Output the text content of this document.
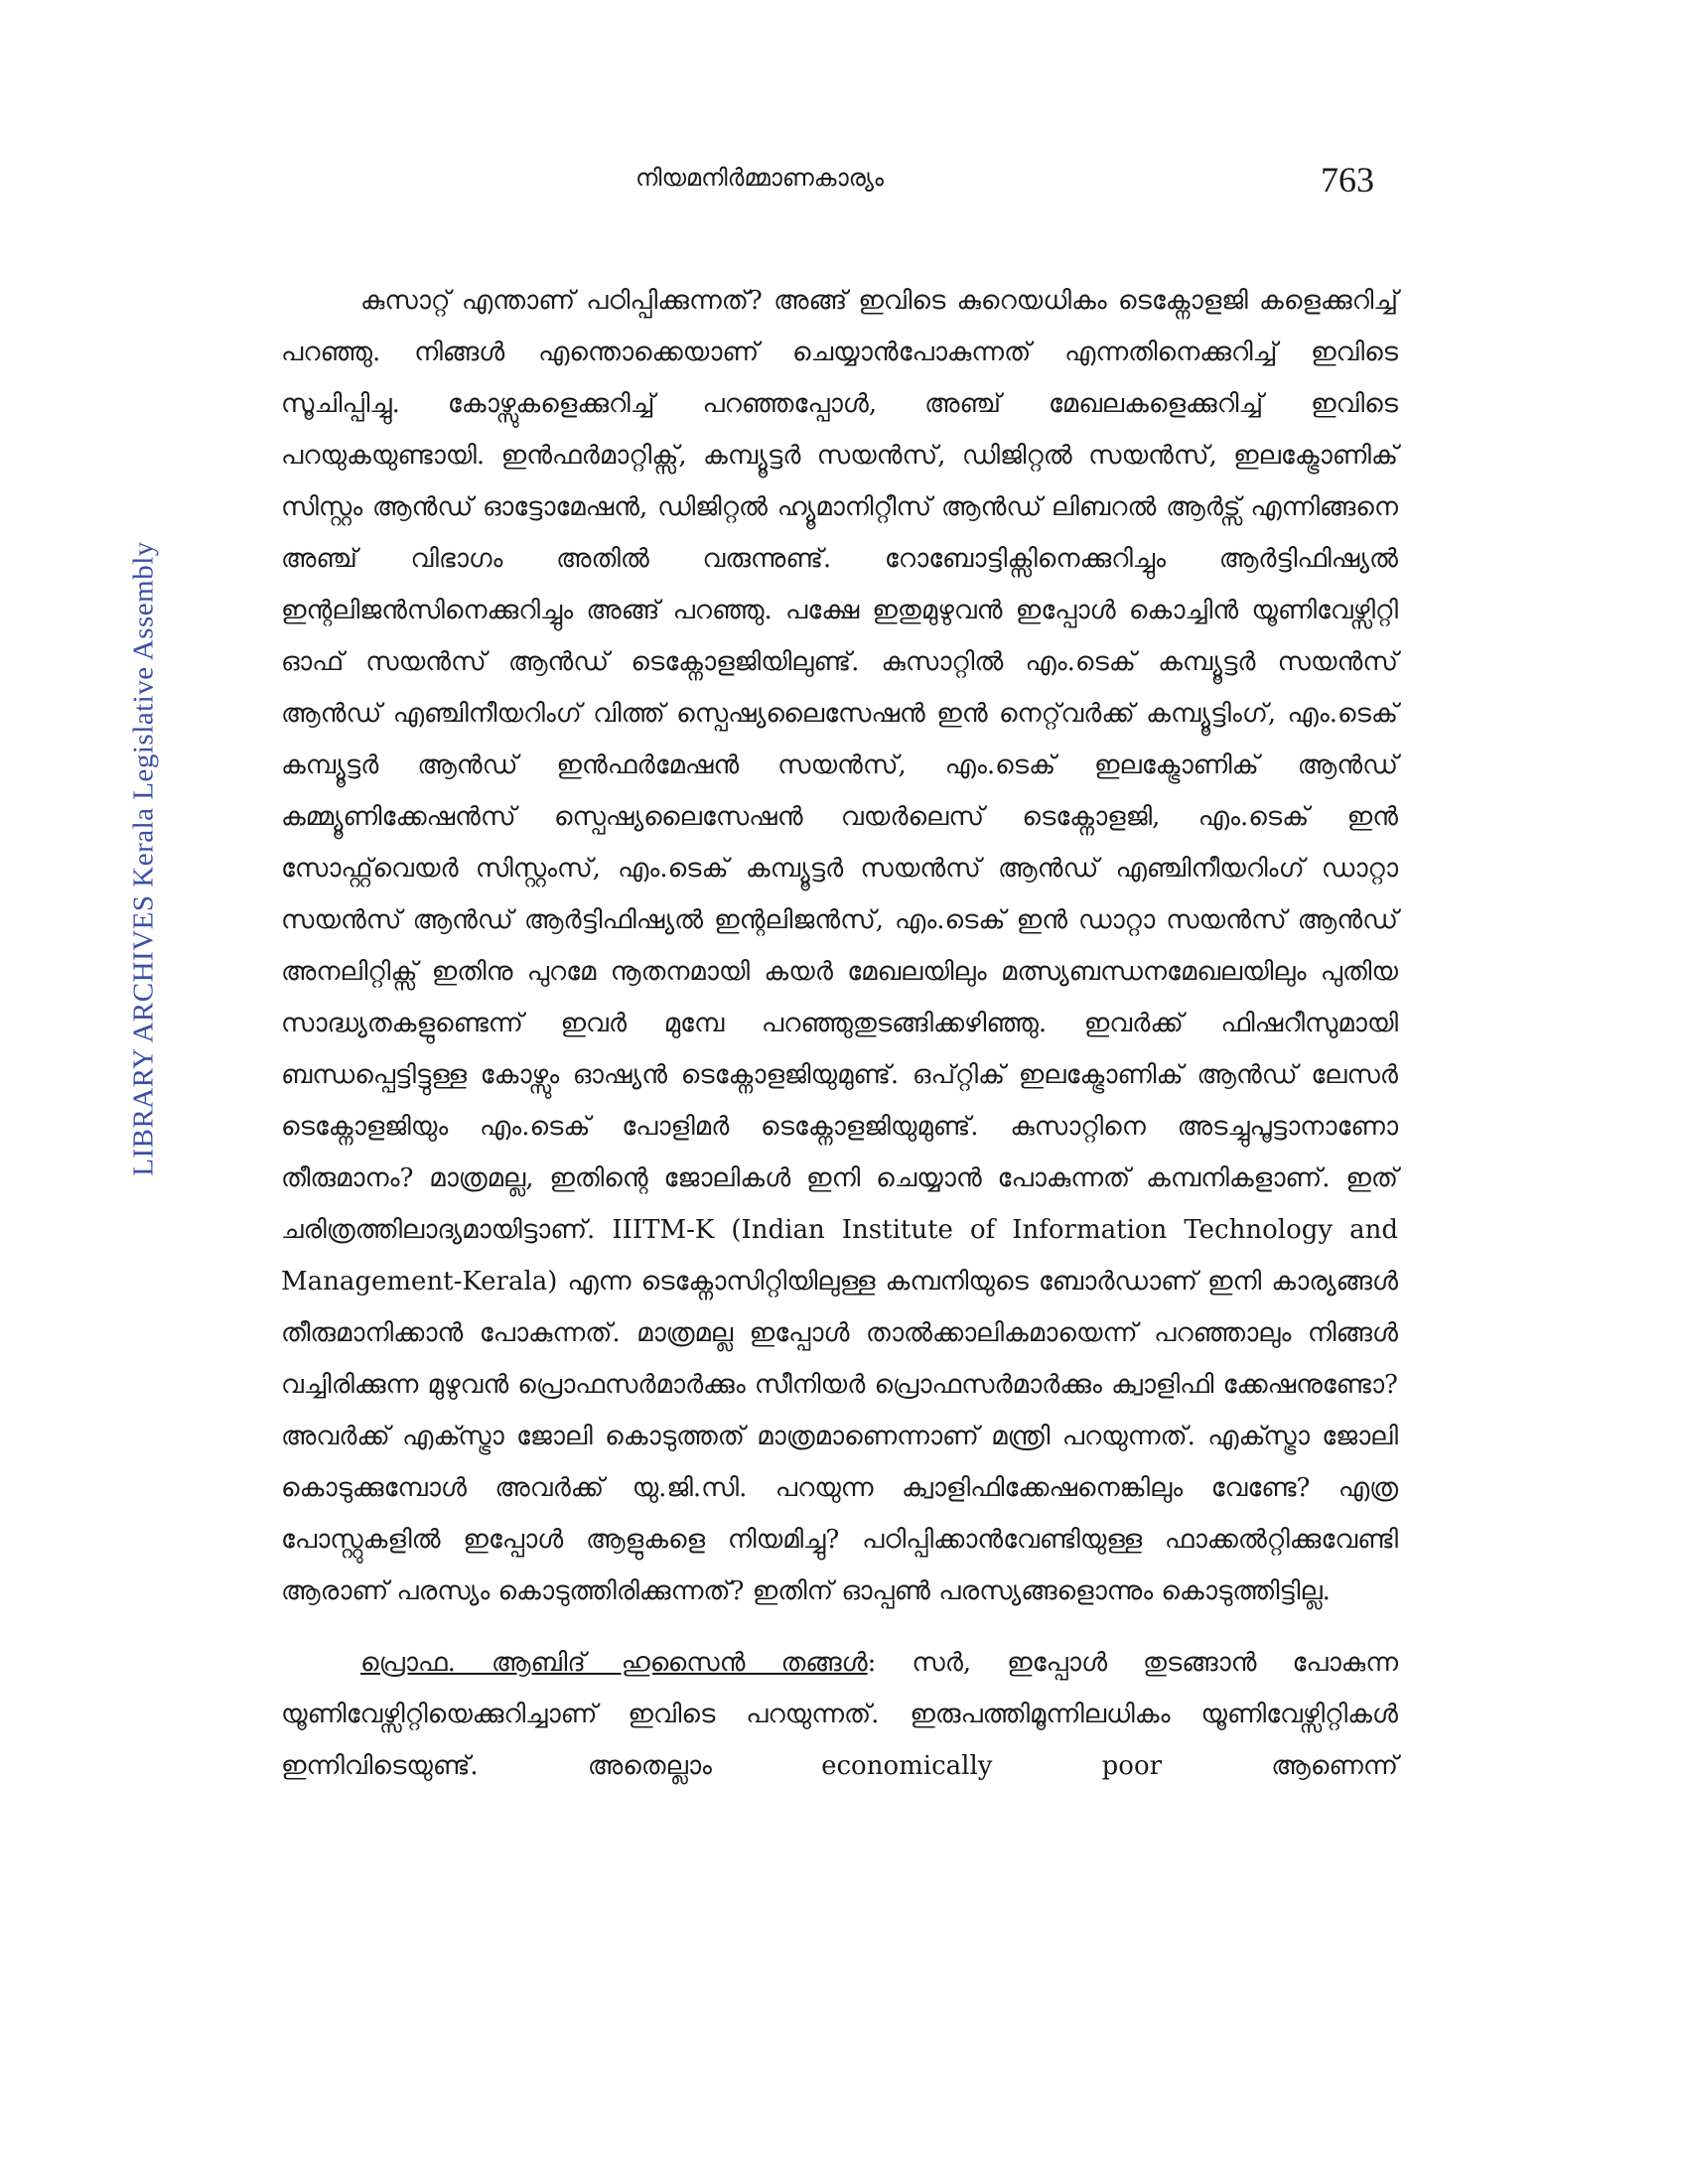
നിയമനിർമ്മാണകാര്യം	763
LIBRARY ARCHIVES Kerala Legislative Assembly

കുസാറ്റ് എന്താണ് പഠിപ്പിക്കുന്നത്? അങ്ങ് ഇവിടെ കുറെയധികം ടെക്നോളജി കളെക്കുറിച്ച് പറഞ്ഞു. നിങ്ങൾ എന്തൊക്കെയാണ് ചെയ്യാൻപോകുന്നത് എന്നതിനെക്കുറിച്ച് ഇവിടെ സൂചിപ്പിച്ചു. കോഴ്സുകളെക്കുറിച്ച് പറഞ്ഞപ്പോൾ, അഞ്ച് മേഖലകളെക്കുറിച്ച് ഇവിടെ പറയുകയുണ്ടായി. ഇൻഫർമാറ്റിക്സ്, കമ്പ്യൂട്ടർ സയൻസ്, ഡിജിറ്റൽ സയൻസ്, ഇലക്ട്രോണിക് സിസ്റ്റം ആൻഡ് ഓട്ടോമേഷൻ, ഡിജിറ്റൽ ഹ്യൂമാനിറ്റീസ് ആൻഡ് ലിബറൽ ആർട്സ് എന്നിങ്ങനെ അഞ്ച് വിഭാഗം അതിൽ വരുന്നുണ്ട്. റോബോട്ടിക്സിനെക്കുറിച്ചും ആർട്ടിഫിഷ്യൽ ഇന്റലിജൻസിനെക്കുറിച്ചും അങ്ങ് പറഞ്ഞു. പക്ഷേ ഇതുമുഴുവൻ ഇപ്പോൾ കൊച്ചിൻ യൂണിവേഴ്സിറ്റി ഓഫ് സയൻസ് ആൻഡ് ടെക്നോളജിയിലുണ്ട്. കുസാറ്റിൽ എം.ടെക് കമ്പ്യൂട്ടർ സയൻസ് ആൻഡ് എഞ്ചിനീയറിംഗ് വിത്ത് സ്പെഷ്യലൈസേഷൻ ഇൻ നെറ്റ്‌വർക്ക് കമ്പ്യൂട്ടിംഗ്, എം.ടെക് കമ്പ്യൂട്ടർ ആൻഡ് ഇൻഫർമേഷൻ സയൻസ്, എം.ടെക് ഇലക്ട്രോണിക് ആൻഡ് കമ്മ്യൂണിക്കേഷൻസ് സ്പെഷ്യലൈസേഷൻ വയർലെസ് ടെക്നോളജി, എം.ടെക് ഇൻ സോഫ്റ്റ്‌വെയർ സിസ്റ്റംസ്, എം.ടെക് കമ്പ്യൂട്ടർ സയൻസ് ആൻഡ് എഞ്ചിനീയറിംഗ് ഡാറ്റാ സയൻസ് ആൻഡ് ആർട്ടിഫിഷ്യൽ ഇന്റലിജൻസ്, എം.ടെക് ഇൻ ഡാറ്റാ സയൻസ് ആൻഡ് അനലിറ്റിക്സ് ഇതിനു പുറമേ നൂതനമായി കയർ മേഖലയിലും മത്സ്യബന്ധനമേഖലയിലും പുതിയ സാദ്ധ്യതകളുണ്ടെന്ന് ഇവർ മുമ്പേ പറഞ്ഞുതുടങ്ങിക്കഴിഞ്ഞു. ഇവർക്ക് ഫിഷറീസുമായി ബന്ധപ്പെട്ടിട്ടുള്ള കോഴ്സും ഓഷ്യൻ ടെക്നോളജിയുമുണ്ട്. ഒപ്റ്റിക് ഇലക്ട്രോണിക് ആൻഡ് ലേസർ ടെക്നോളജിയും എം.ടെക് പോളിമർ ടെക്നോളജിയുമുണ്ട്. കുസാറ്റിനെ അടച്ചുപൂട്ടാനാണോ തീരുമാനം? മാത്രമല്ല, ഇതിന്റെ ജോലികൾ ഇനി ചെയ്യാൻ പോകുന്നത് കമ്പനികളാണ്. ഇത് ചരിത്രത്തിലാദ്യമായിട്ടാണ്. IIITM-K (Indian Institute of Information Technology and Management-Kerala) എന്ന ടെക്നോസിറ്റിയിലുള്ള കമ്പനിയുടെ ബോർഡാണ് ഇനി കാര്യങ്ങൾ തീരുമാനിക്കാൻ പോകുന്നത്. മാത്രമല്ല ഇപ്പോൾ താൽക്കാലികമായെന്ന് പറഞ്ഞാലും നിങ്ങൾ വച്ചിരിക്കുന്ന മുഴുവൻ പ്രൊഫസർമാർക്കും സീനിയർ പ്രൊഫസർമാർക്കും ക്വാളിഫി ക്കേഷനുണ്ടോ? അവർക്ക് എക്സ്ട്രാ ജോലി കൊടുത്തത് മാത്രമാണെന്നാണ് മന്ത്രി പറയുന്നത്. എക്സ്ട്രാ ജോലി കൊടുക്കുമ്പോൾ അവർക്ക് യു.ജി.സി. പറയുന്ന ക്വാളിഫിക്കേഷനെങ്കിലും വേണ്ടേ? എത്ര പോസ്റ്റുകളിൽ ഇപ്പോൾ ആളുകളെ നിയമിച്ചു? പഠിപ്പിക്കാൻവേണ്ടിയുള്ള ഫാക്കൽറ്റിക്കുവേണ്ടി ആരാണ് പരസ്യം കൊടുത്തിരിക്കുന്നത്? ഇതിന് ഓപ്പൺ പരസ്യങ്ങളൊന്നും കൊടുത്തിട്ടില്ല.

പ്രൊഫ. ആബിദ് ഹുസൈൻ തങ്ങൾ: സർ, ഇപ്പോൾ തുടങ്ങാൻ പോകുന്ന യൂണിവേഴ്സിറ്റിയെക്കുറിച്ചാണ് ഇവിടെ പറയുന്നത്. ഇരുപത്തിമൂന്നിലധികം യൂണിവേഴ്സിറ്റികൾ ഇന്നിവിടെയുണ്ട്. അതെല്ലാം economically poor ആണെന്ന്
